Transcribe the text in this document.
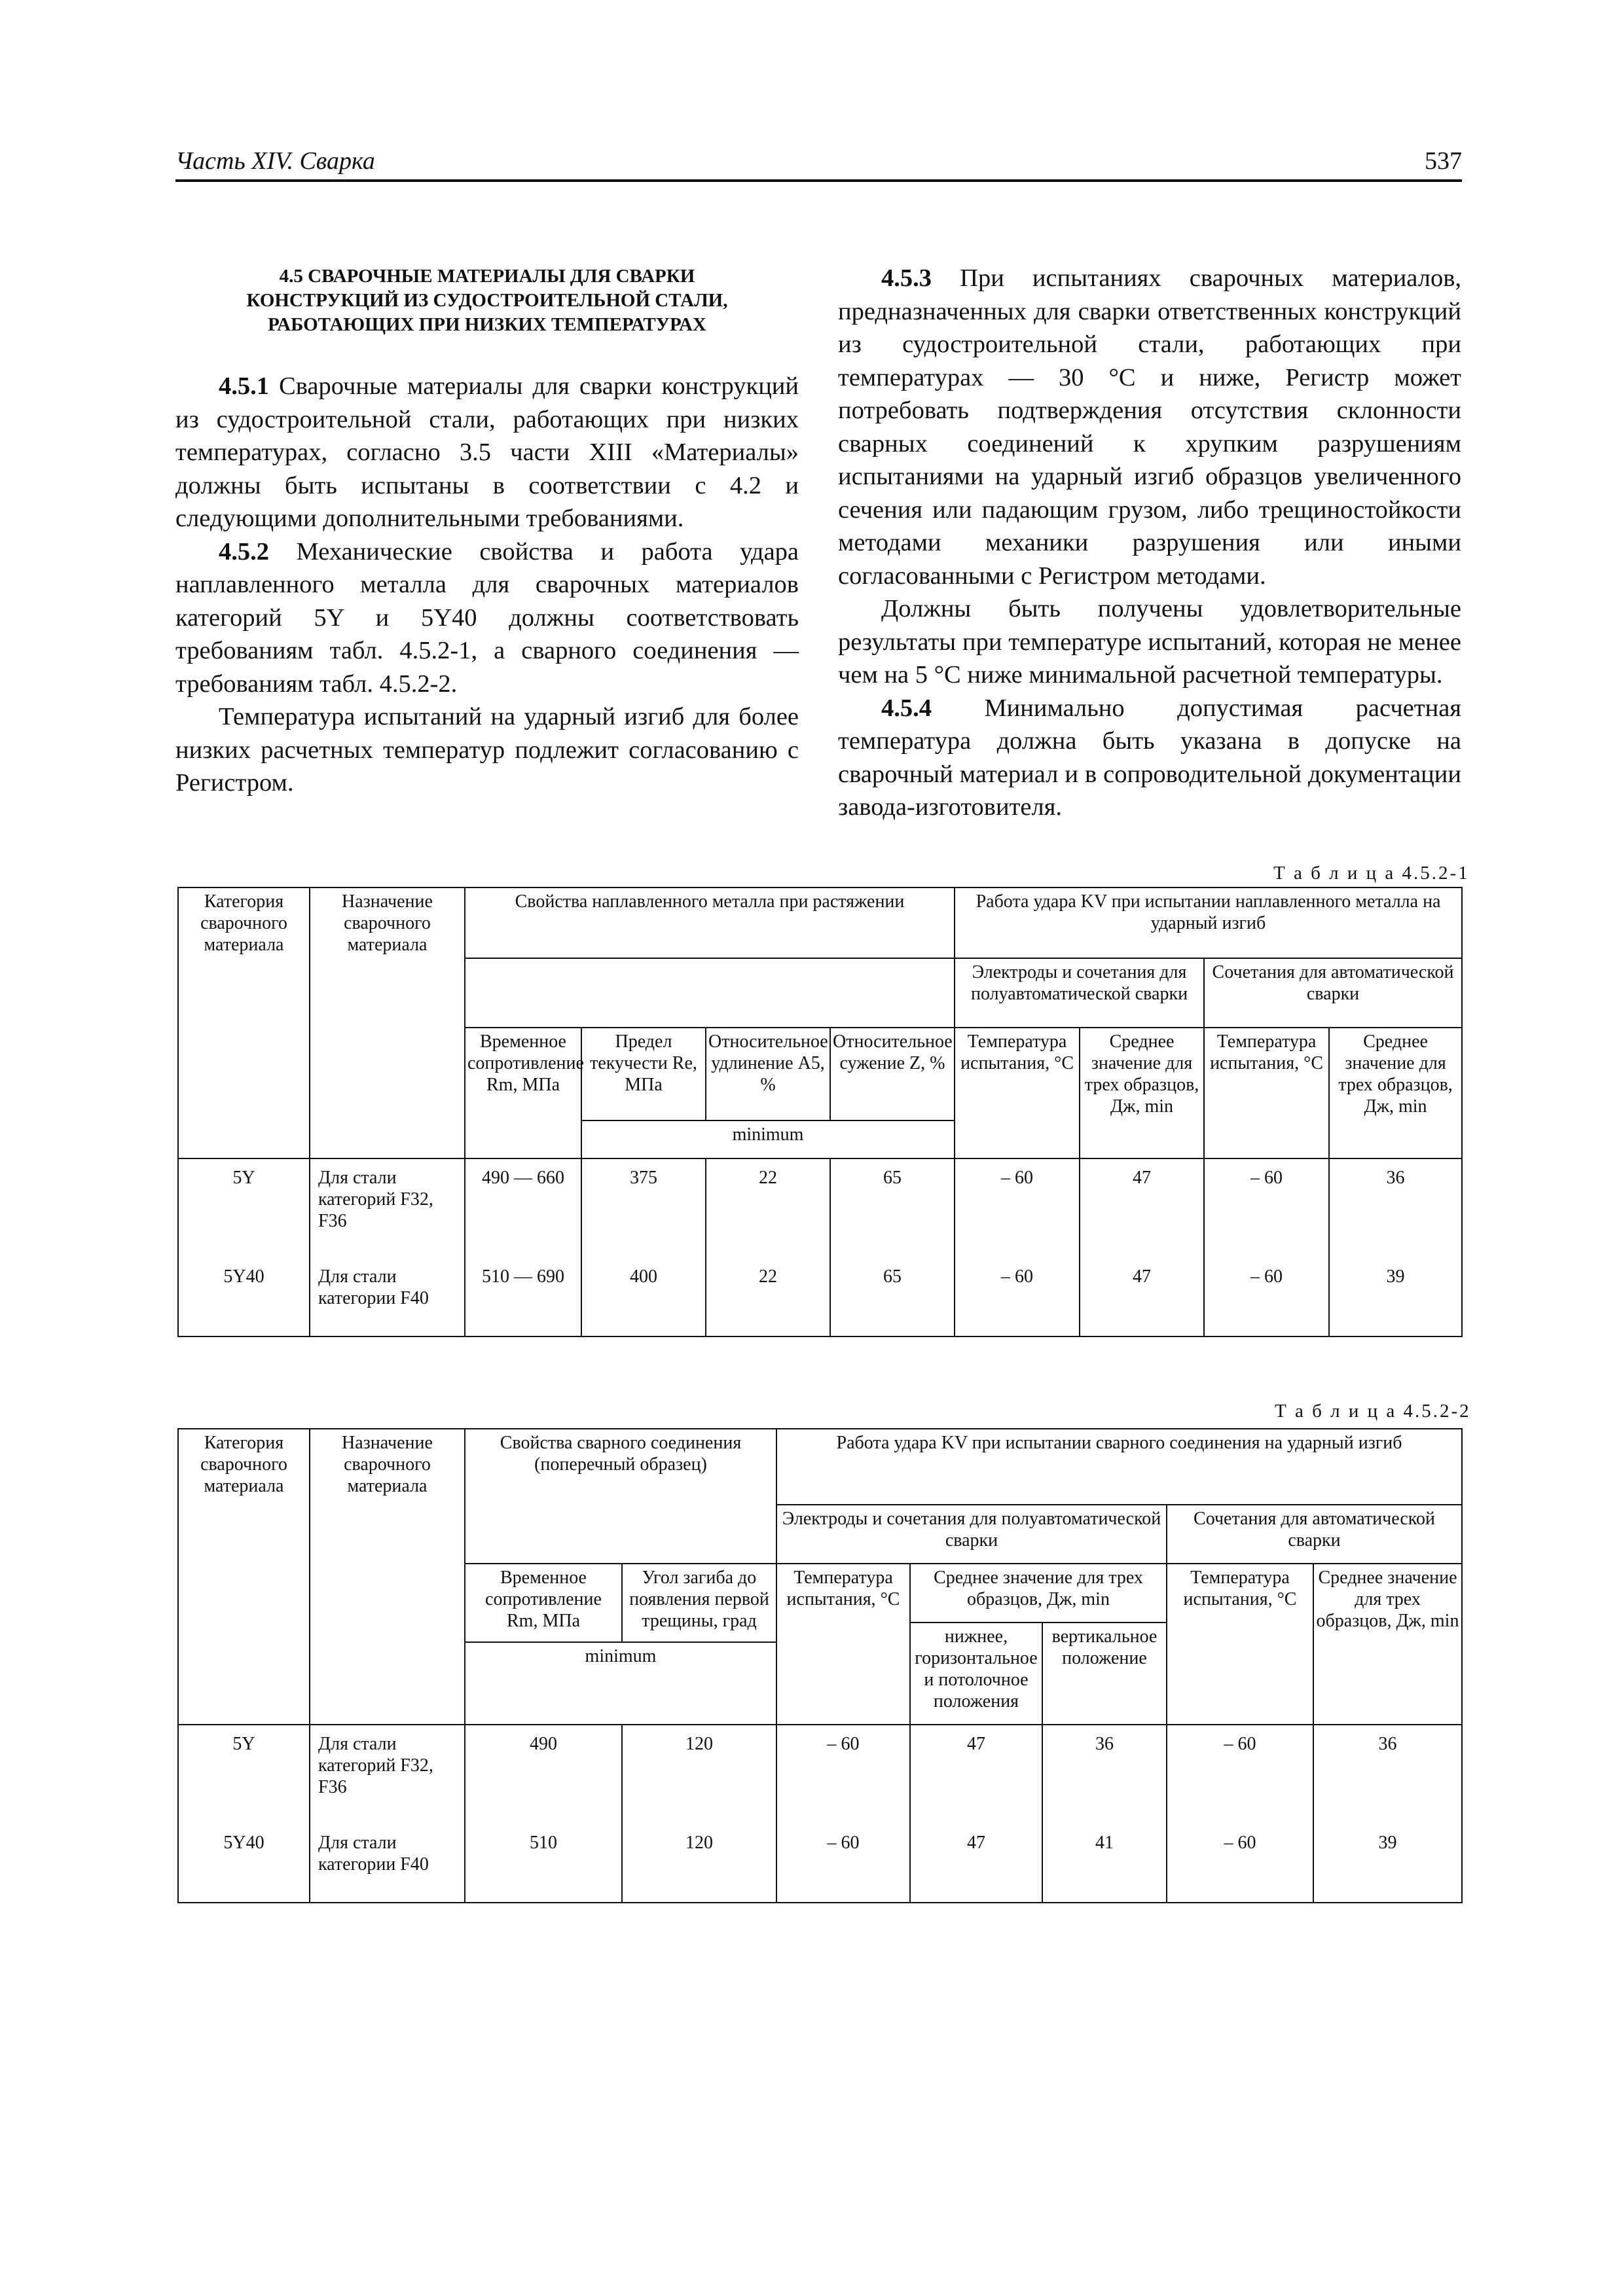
Часть XIV. Сварка	537
4.5 СВАРОЧНЫЕ МАТЕРИАЛЫ ДЛЯ СВАРКИ
КОНСТРУКЦИЙ ИЗ СУДОСТРОИТЕЛЬНОЙ СТАЛИ,
РАБОТАЮЩИХ ПРИ НИЗКИХ ТЕМПЕРАТУРАХ

4.5.1 Сварочные материалы для сварки конструкций из судостроительной стали, работающих при низких температурах, согласно 3.5 части XIII «Материалы» должны быть испытаны в соответствии с 4.2 и следующими дополнительными требованиями.

4.5.2 Механические свойства и работа удара наплавленного металла для сварочных материалов категорий 5Y и 5Y40 должны соответствовать требованиям табл. 4.5.2-1, а сварного соединения — требованиям табл. 4.5.2-2.

Температура испытаний на ударный изгиб для более низких расчетных температур подлежит согласованию с Регистром.

4.5.3 При испытаниях сварочных материалов, предназначенных для сварки ответственных конструкций из судостроительной стали, работающих при температурах — 30 °C и ниже, Регистр может потребовать подтверждения отсутствия склонности сварных соединений к хрупким разрушениям испытаниями на ударный изгиб образцов увеличенного сечения или падающим грузом, либо трещиностойкости методами механики разрушения или иными согласованными с Регистром методами.

Должны быть получены удовлетворительные результаты при температуре испытаний, которая не менее чем на 5 °C ниже минимальной расчетной температуры.

4.5.4 Минимально допустимая расчетная температура должна быть указана в допуске на сварочный материал и в сопроводительной документации завода-изготовителя.

Т а б л и ц а 4.5.2-1
Категория сварочного материала	Назначение сварочного материала	Свойства наплавленного металла при растяжении				Работа удара KV при испытании наплавленного металла на ударный изгиб			
						Электроды и сочетания для полуавтоматической сварки		Сочетания для автоматической сварки	
		Временное сопротивление Rm, МПа	Предел текучести Re, МПа	Относительное удлинение A5, %	Относительное сужение Z, %	Температура испытания, °C	Среднее значение для трех образцов, Дж, min	Температура испытания, °C	Среднее значение для трех образцов, Дж, min
			minimum						
5Y	Для стали категорий F32, F36	490 — 660	375	22	65	– 60	47	– 60	36
5Y40	Для стали категории F40	510 — 690	400	22	65	– 60	47	– 60	39
Т а б л и ц а 4.5.2-2
Категория сварочного материала	Назначение сварочного материала	Свойства сварного соединения (поперечный образец)		Работа удара KV при испытании сварного соединения на ударный изгиб				
				Электроды и сочетания для полуавтоматической сварки			Сочетания для автоматической сварки	
		Временное сопротивление Rm, МПа	Угол загиба до появления первой трещины, град	Температура испытания, °C	Среднее значение для трех образцов, Дж, min		Температура испытания, °C	Среднее значение для трех образцов, Дж, min
					нижнее, горизонтальное и потолочное положения	вертикальное положение		
		minimum						
5Y	Для стали категорий F32, F36	490	120	– 60	47	36	– 60	36
5Y40	Для стали категории F40	510	120	– 60	47	41	– 60	39
